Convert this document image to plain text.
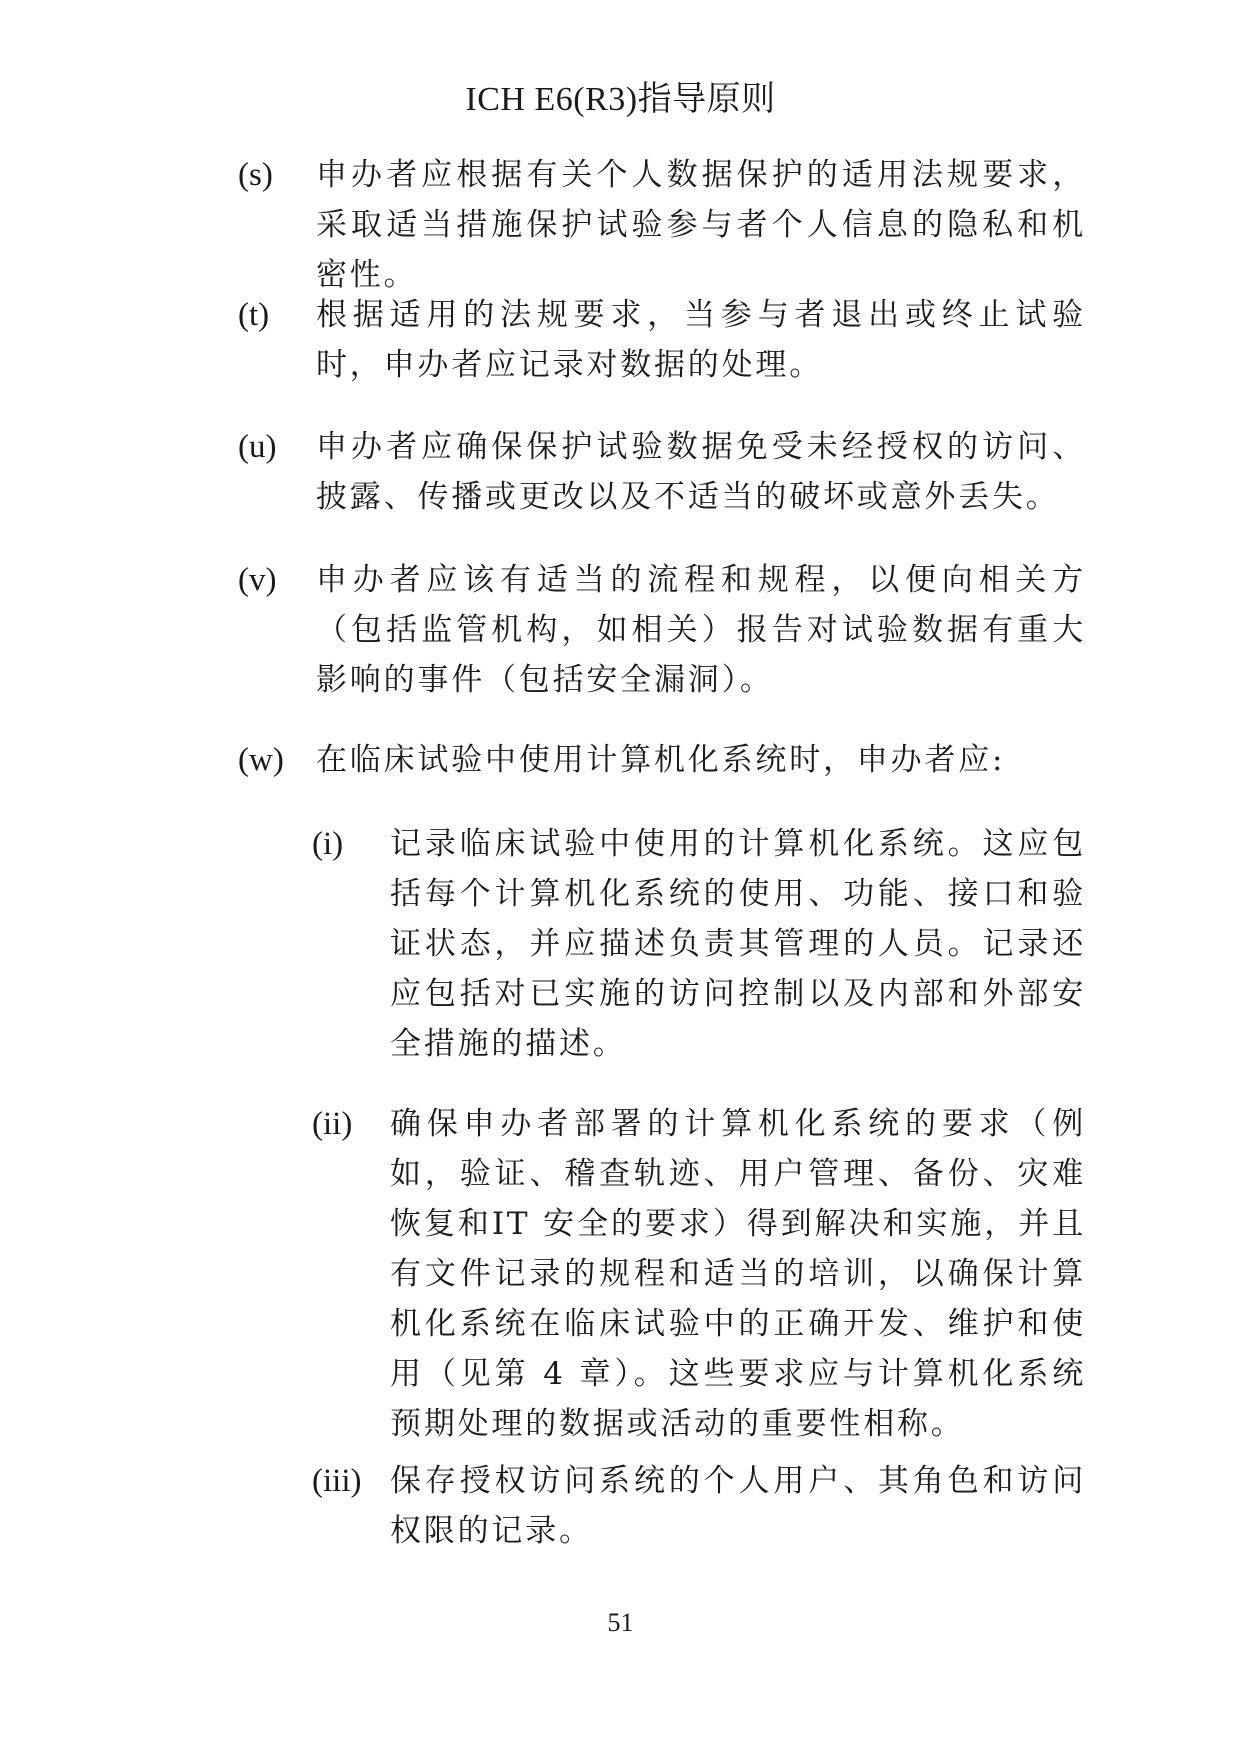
ICH E6(R3)指导原则
(s)	申办者应根据有关个人数据保护的适用法规要求，采取适当措施保护试验参与者个人信息的隐私和机密性。
(t)	根据适用的法规要求，当参与者退出或终止试验时，申办者应记录对数据的处理。
(u)	申办者应确保保护试验数据免受未经授权的访问、披露、传播或更改以及不适当的破坏或意外丢失。
(v)	申办者应该有适当的流程和规程，以便向相关方（包括监管机构，如相关）报告对试验数据有重大影响的事件（包括安全漏洞）。
(w)	在临床试验中使用计算机化系统时，申办者应:
(i)	记录临床试验中使用的计算机化系统。这应包括每个计算机化系统的使用、功能、接口和验证状态，并应描述负责其管理的人员。记录还应包括对已实施的访问控制以及内部和外部安全措施的描述。
(ii)	确保申办者部署的计算机化系统的要求（例如，验证、稽查轨迹、用户管理、备份、灾难恢复和IT 安全的要求）得到解决和实施，并且有文件记录的规程和适当的培训，以确保计算机化系统在临床试验中的正确开发、维护和使用（见第 4 章）。这些要求应与计算机化系统预期处理的数据或活动的重要性相称。
(iii) 保存授权访问系统的个人用户、其角色和访问权限的记录。
51
